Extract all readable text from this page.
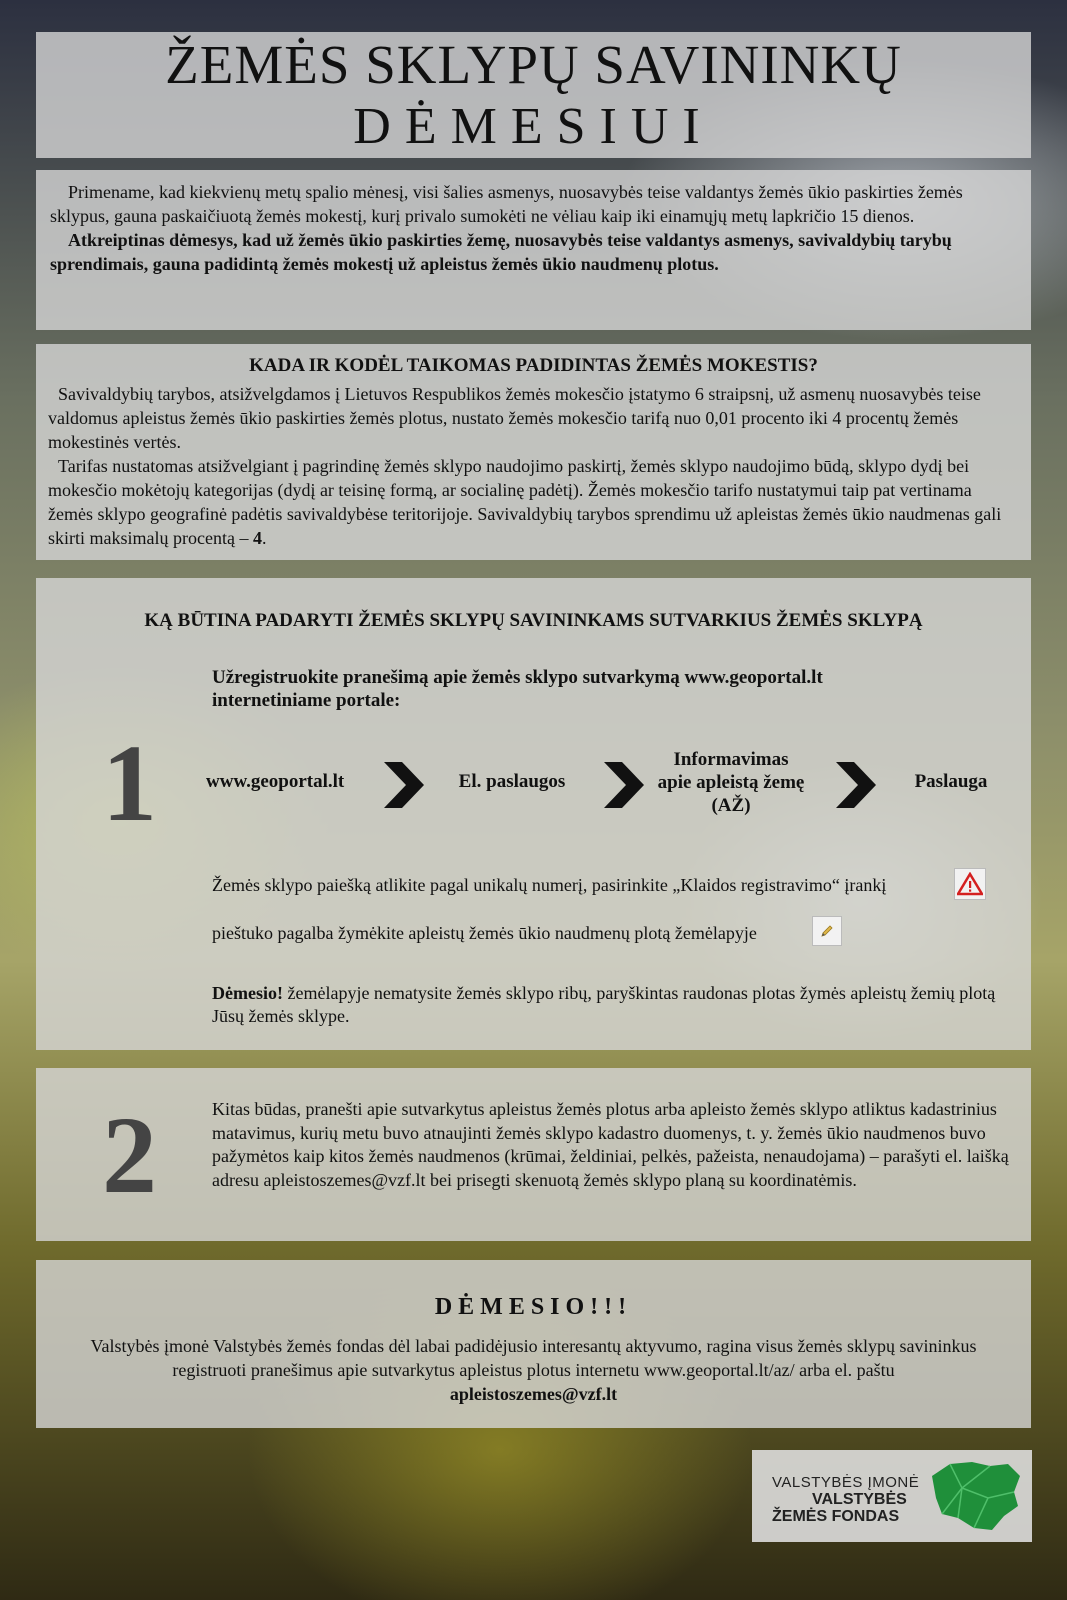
ŽEMĖS SKLYPŲ SAVININKŲ
DĖMESIUI

Primename, kad kiekvienų metų spalio mėnesį, visi šalies asmenys, nuosavybės teise valdantys žemės ūkio paskirties žemės sklypus, gauna paskaičiuotą žemės mokestį, kurį privalo sumokėti ne vėliau kaip iki einamųjų metų lapkričio 15 dienos.

Atkreiptinas dėmesys, kad už žemės ūkio paskirties žemę, nuosavybės teise valdantys asmenys, savivaldybių tarybų sprendimais, gauna padidintą žemės mokestį už apleistus žemės ūkio naudmenų plotus.

KADA IR KODĖL TAIKOMAS PADIDINTAS ŽEMĖS MOKESTIS?

Savivaldybių tarybos, atsižvelgdamos į Lietuvos Respublikos žemės mokesčio įstatymo 6 straipsnį, už asmenų nuosavybės teise valdomus apleistus žemės ūkio paskirties žemės plotus, nustato žemės mokesčio tarifą nuo 0,01 procento iki 4 procentų žemės mokestinės vertės.

Tarifas nustatomas atsižvelgiant į pagrindinę žemės sklypo naudojimo paskirtį, žemės sklypo naudojimo būdą, sklypo dydį bei mokesčio mokėtojų kategorijas (dydį ar teisinę formą, ar socialinę padėtį). Žemės mokesčio tarifo nustatymui taip pat vertinama žemės sklypo geografinė padėtis savivaldybėse teritorijoje. Savivaldybių tarybos sprendimu už apleistas žemės ūkio naudmenas gali skirti maksimalų procentą – 4.

KĄ BŪTINA PADARYTI ŽEMĖS SKLYPŲ SAVININKAMS SUTVARKIUS ŽEMĖS SKLYPĄ
1
Užregistruokite pranešimą apie žemės sklypo sutvarkymą www.geoportal.lt internetiniame portale:
www.geoportal.lt	El. paslaugos
Informavimas apie apleistą žemę (AŽ)
Paslauga
Žemės sklypo paiešką atlikite pagal unikalų numerį, pasirinkite „Klaidos registravimo“ įrankį
pieštuko pagalba žymėkite apleistų žemės ūkio naudmenų plotą žemėlapyje
Dėmesio! žemėlapyje nematysite žemės sklypo ribų, paryškintas raudonas plotas žymės apleistų žemių plotą Jūsų žemės sklype.
2	Kitas būdas, pranešti apie sutvarkytus apleistus žemės plotus arba apleisto žemės sklypo atliktus kadastrinius matavimus, kurių metu buvo atnaujinti žemės sklypo kadastro duomenys, t. y. žemės ūkio naudmenos buvo pažymėtos kaip kitos žemės naudmenos (krūmai, želdiniai, pelkės, pažeista, nenaudojama) – parašyti el. laišką adresu apleistoszemes@vzf.lt bei prisegti skenuotą žemės sklypo planą su koordinatėmis.
DĖMESIO!!!
Valstybės įmonė Valstybės žemės fondas dėl labai padidėjusio interesantų aktyvumo, ragina visus žemės sklypų savininkus registruoti pranešimus apie sutvarkytus apleistus plotus internetu www.geoportal.lt/az/ arba el. paštu
apleistoszemes@vzf.lt
VALSTYBĖS ĮMONĖ
VALSTYBĖS
ŽEMĖS FONDAS
